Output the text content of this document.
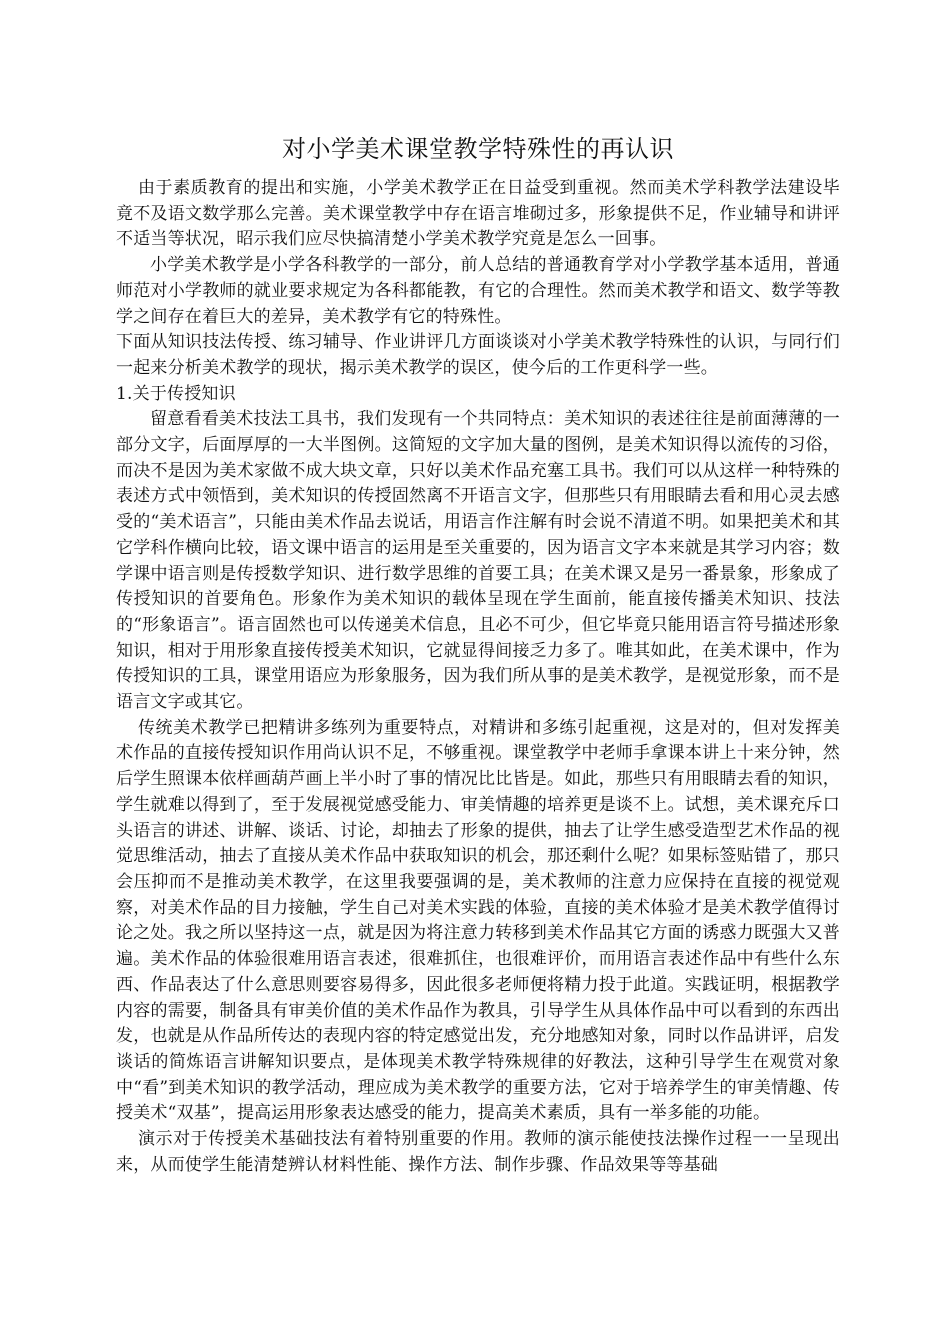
对小学美术课堂教学特殊性的再认识

由于素质教育的提出和实施，小学美术教学正在日益受到重视。然而美术学科教学法建设毕竟不及语文数学那么完善。美术课堂教学中存在语言堆砌过多，形象提供不足，作业辅导和讲评不适当等状况，昭示我们应尽快搞清楚小学美术教学究竟是怎么一回事。

小学美术教学是小学各科教学的一部分，前人总结的普通教育学对小学教学基本适用，普通师范对小学教师的就业要求规定为各科都能教，有它的合理性。然而美术教学和语文、数学等教学之间存在着巨大的差异，美术教学有它的特殊性。

下面从知识技法传授、练习辅导、作业讲评几方面谈谈对小学美术教学特殊性的认识，与同行们一起来分析美术教学的现状，揭示美术教学的误区，使今后的工作更科学一些。

1.关于传授知识

留意看看美术技法工具书，我们发现有一个共同特点：美术知识的表述往往是前面薄薄的一部分文字，后面厚厚的一大半图例。这简短的文字加大量的图例，是美术知识得以流传的习俗，而决不是因为美术家做不成大块文章，只好以美术作品充塞工具书。我们可以从这样一种特殊的表述方式中领悟到，美术知识的传授固然离不开语言文字，但那些只有用眼睛去看和用心灵去感受的“美术语言”，只能由美术作品去说话，用语言作注解有时会说不清道不明。如果把美术和其它学科作横向比较，语文课中语言的运用是至关重要的，因为语言文字本来就是其学习内容；数学课中语言则是传授数学知识、进行数学思维的首要工具；在美术课又是另一番景象，形象成了传授知识的首要角色。形象作为美术知识的载体呈现在学生面前，能直接传播美术知识、技法的“形象语言”。语言固然也可以传递美术信息，且必不可少，但它毕竟只能用语言符号描述形象知识，相对于用形象直接传授美术知识，它就显得间接乏力多了。唯其如此，在美术课中，作为传授知识的工具，课堂用语应为形象服务，因为我们所从事的是美术教学，是视觉形象，而不是语言文字或其它。

传统美术教学已把精讲多练列为重要特点，对精讲和多练引起重视，这是对的，但对发挥美术作品的直接传授知识作用尚认识不足，不够重视。课堂教学中老师手拿课本讲上十来分钟，然后学生照课本依样画葫芦画上半小时了事的情况比比皆是。如此，那些只有用眼睛去看的知识，学生就难以得到了，至于发展视觉感受能力、审美情趣的培养更是谈不上。试想，美术课充斥口头语言的讲述、讲解、谈话、讨论，却抽去了形象的提供，抽去了让学生感受造型艺术作品的视觉思维活动，抽去了直接从美术作品中获取知识的机会，那还剩什么呢？如果标签贴错了，那只会压抑而不是推动美术教学，在这里我要强调的是，美术教师的注意力应保持在直接的视觉观察，对美术作品的目力接触，学生自己对美术实践的体验，直接的美术体验才是美术教学值得讨论之处。我之所以坚持这一点，就是因为将注意力转移到美术作品其它方面的诱惑力既强大又普遍。美术作品的体验很难用语言表述，很难抓住，也很难评价，而用语言表述作品中有些什么东西、作品表达了什么意思则要容易得多，因此很多老师便将精力投于此道。实践证明，根据教学内容的需要，制备具有审美价值的美术作品作为教具，引导学生从具体作品中可以看到的东西出发，也就是从作品所传达的表现内容的特定感觉出发，充分地感知对象，同时以作品讲评，启发谈话的简炼语言讲解知识要点，是体现美术教学特殊规律的好教法，这种引导学生在观赏对象中“看”到美术知识的教学活动，理应成为美术教学的重要方法，它对于培养学生的审美情趣、传授美术“双基”，提高运用形象表达感受的能力，提高美术素质，具有一举多能的功能。

演示对于传授美术基础技法有着特别重要的作用。教师的演示能使技法操作过程一一呈现出来，从而使学生能清楚辨认材料性能、操作方法、制作步骤、作品效果等等基础
